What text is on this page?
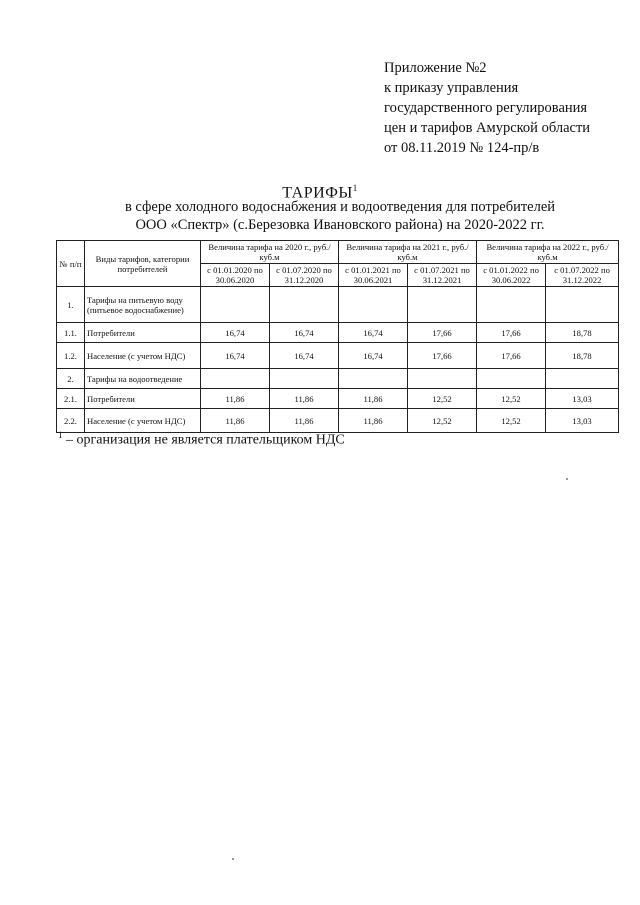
Приложение №2
к приказу управления
государственного регулирования
цен и тарифов Амурской области
от 08.11.2019 № 124-пр/в
ТАРИФЫ$^1$
в сфере холодного водоснабжения и водоотведения для потребителей
ООО «Спектр» (с.Березовка Ивановского района) на 2020-2022 гг.
№ п/п	Виды тарифов, категории потребителей	Величина тарифа на 2020 г., руб./куб.м		Величина тарифа на 2021 г., руб./куб.м		Величина тарифа на 2022 г., руб./куб.м	
		с 01.01.2020 по 30.06.2020	с 01.07.2020 по 31.12.2020	с 01.01.2021 по 30.06.2021	с 01.07.2021 по 31.12.2021	с 01.01.2022 по 30.06.2022	с 01.07.2022 по 31.12.2022
1.	Тарифы на питьевую воду (питьевое водоснабжение)						
1.1.	Потребители	16,74	16,74	16,74	17,66	17,66	18,78
1.2.	Население (с учетом НДС)	16,74	16,74	16,74	17,66	17,66	18,78
2.	Тарифы на водоотведение						
2.1.	Потребители	11,86	11,86	11,86	12,52	12,52	13,03
2.2.	Население (с учетом НДС)	11,86	11,86	11,86	12,52	12,52	13,03
$^1$ – организация не является плательщиком НДС
